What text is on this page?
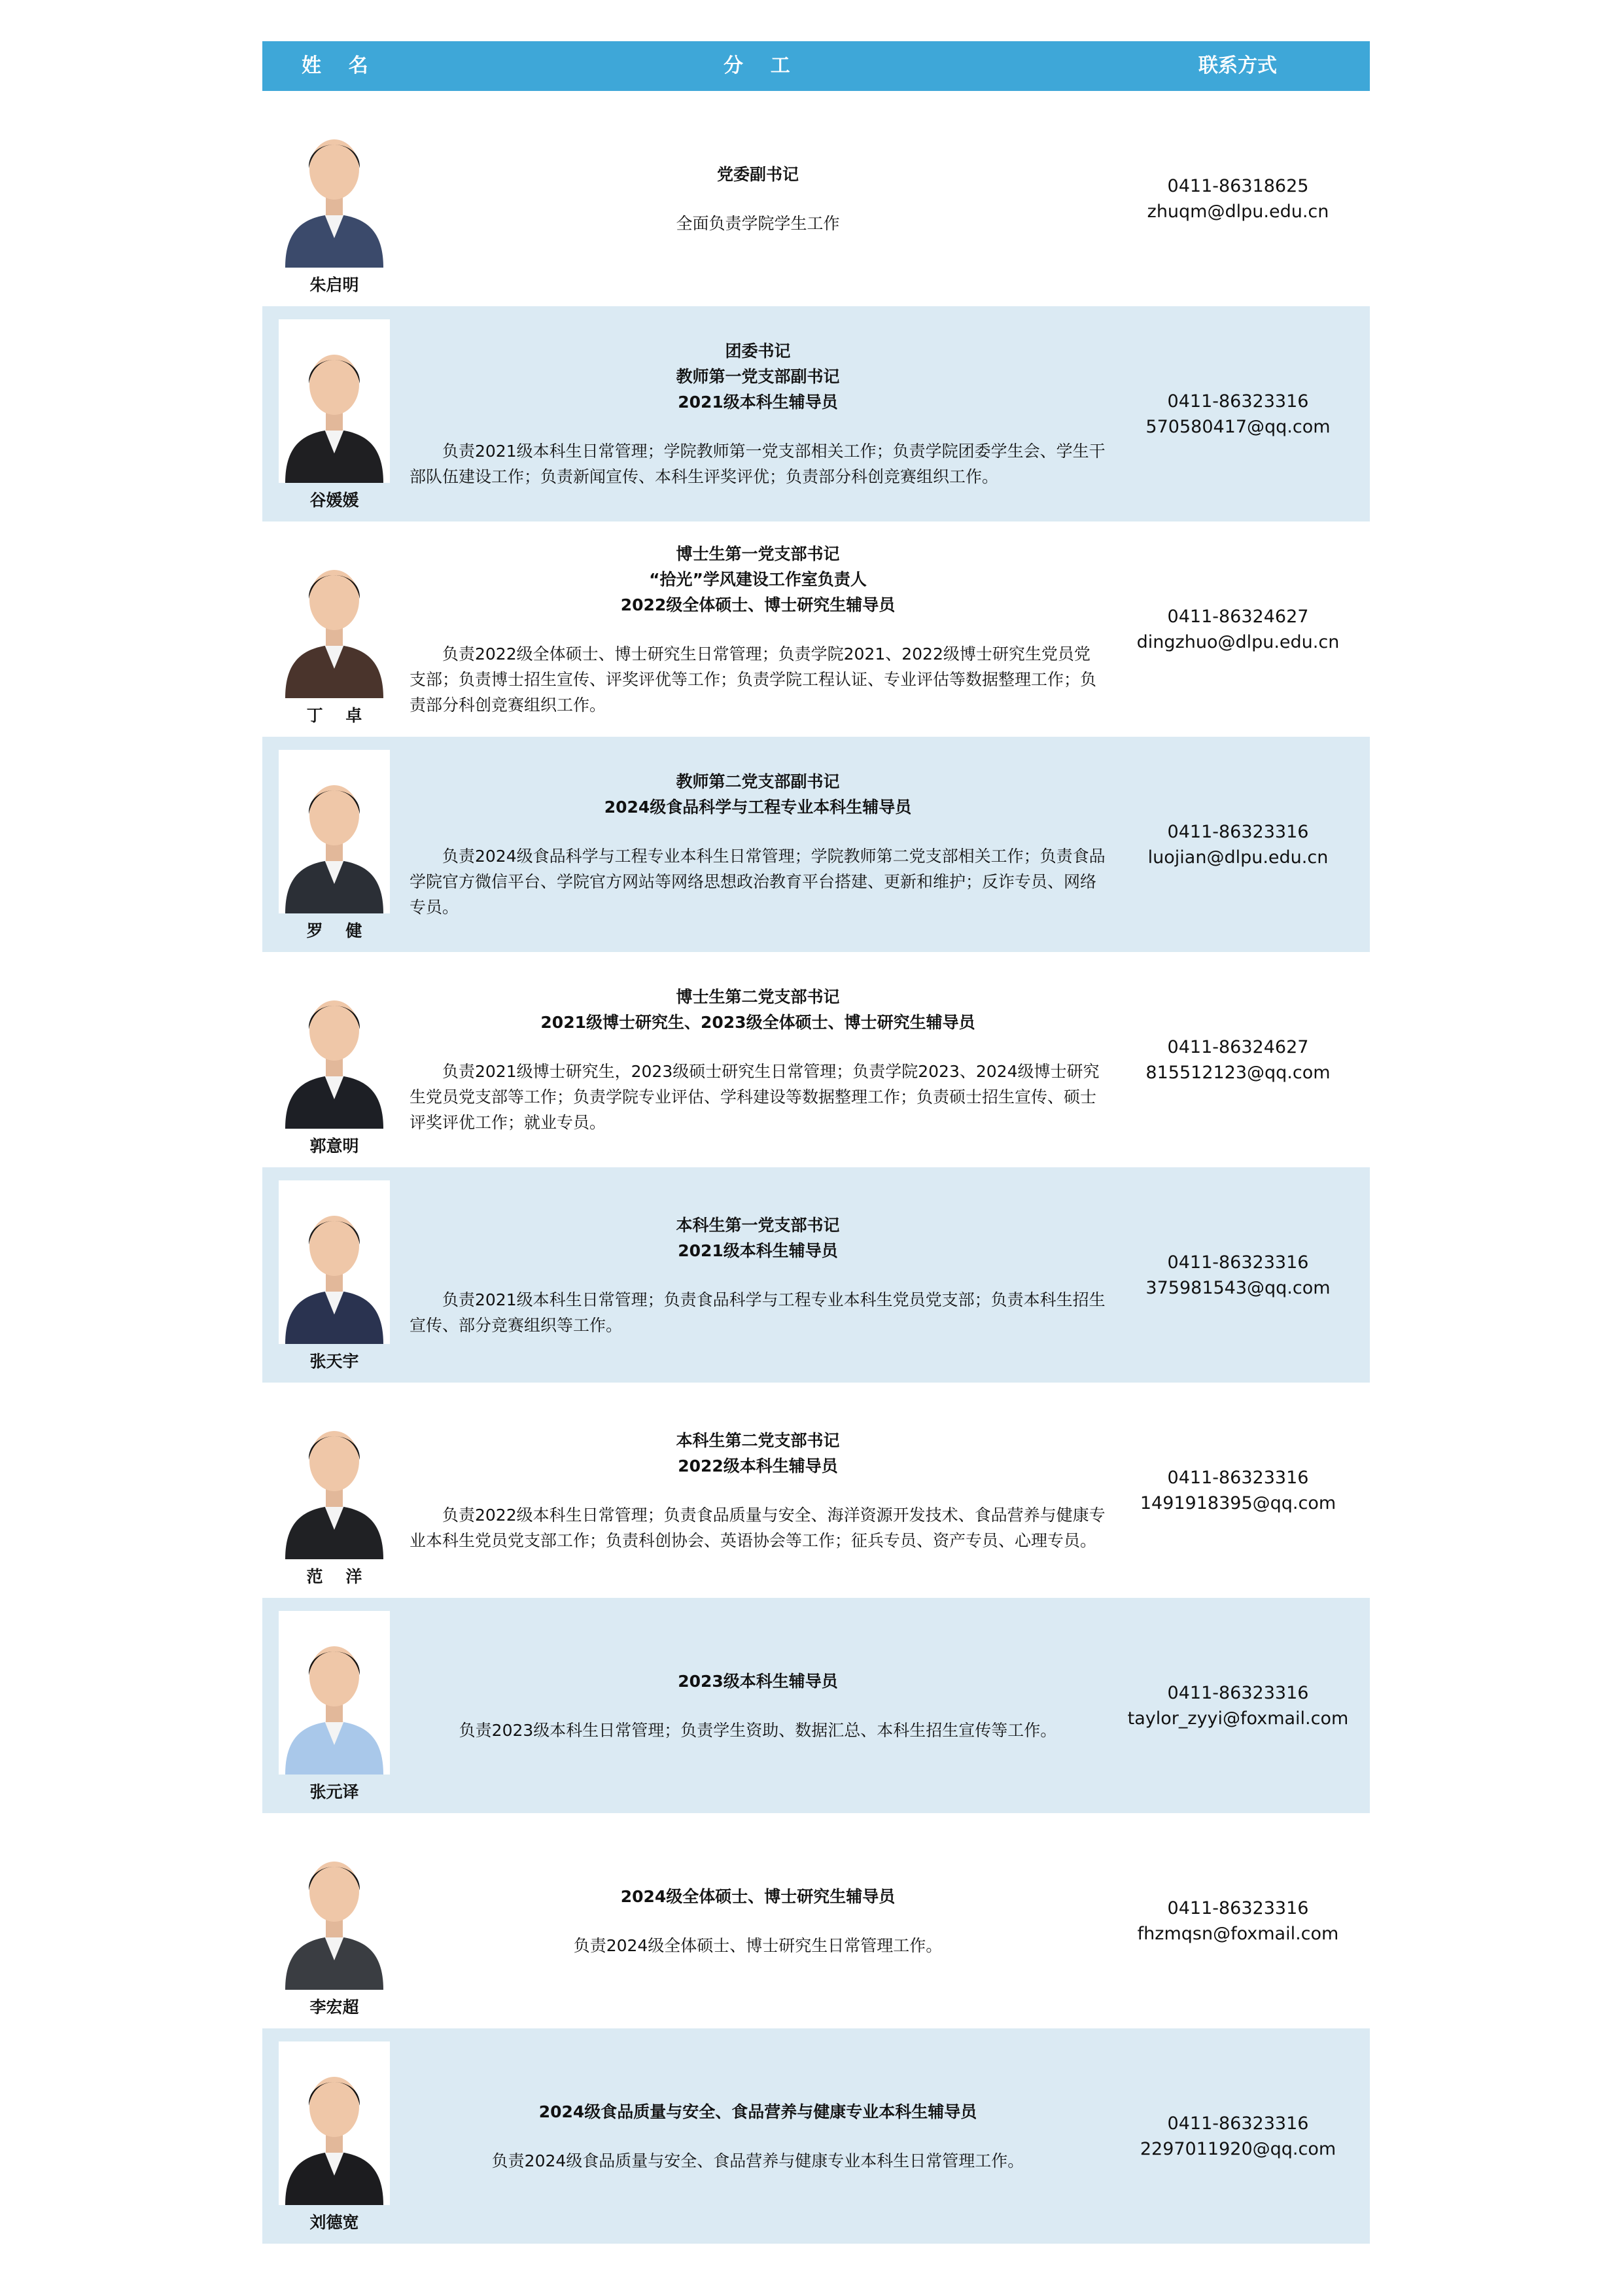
姓    名	分    工	联系方式
朱启明
党委副书记
全面负责学院学生工作
0411-86318625
zhuqm@dlpu.edu.cn
谷媛媛
团委书记
教师第一党支部副书记
2021级本科生辅导员
负责2021级本科生日常管理；学院教师第一党支部相关工作；负责学院团委学生会、学生干部队伍建设工作；负责新闻宣传、本科生评奖评优；负责部分科创竞赛组织工作。
0411-86323316
570580417@qq.com
丁    卓
博士生第一党支部书记
“拾光”学风建设工作室负责人
2022级全体硕士、博士研究生辅导员
负责2022级全体硕士、博士研究生日常管理；负责学院2021、2022级博士研究生党员党支部；负责博士招生宣传、评奖评优等工作；负责学院工程认证、专业评估等数据整理工作；负责部分科创竞赛组织工作。
0411-86324627
dingzhuo@dlpu.edu.cn
罗    健
教师第二党支部副书记
2024级食品科学与工程专业本科生辅导员
负责2024级食品科学与工程专业本科生日常管理；学院教师第二党支部相关工作；负责食品学院官方微信平台、学院官方网站等网络思想政治教育平台搭建、更新和维护；反诈专员、网络专员。
0411-86323316
luojian@dlpu.edu.cn
郭意明
博士生第二党支部书记
2021级博士研究生、2023级全体硕士、博士研究生辅导员
负责2021级博士研究生，2023级硕士研究生日常管理；负责学院2023、2024级博士研究生党员党支部等工作；负责学院专业评估、学科建设等数据整理工作；负责硕士招生宣传、硕士评奖评优工作；就业专员。
0411-86324627
815512123@qq.com
张天宇
本科生第一党支部书记
2021级本科生辅导员
负责2021级本科生日常管理；负责食品科学与工程专业本科生党员党支部；负责本科生招生宣传、部分竞赛组织等工作。
0411-86323316
375981543@qq.com
范    洋
本科生第二党支部书记
2022级本科生辅导员
负责2022级本科生日常管理；负责食品质量与安全、海洋资源开发技术、食品营养与健康专业本科生党员党支部工作；负责科创协会、英语协会等工作；征兵专员、资产专员、心理专员。
0411-86323316
1491918395@qq.com
张元译
2023级本科生辅导员
负责2023级本科生日常管理；负责学生资助、数据汇总、本科生招生宣传等工作。
0411-86323316
taylor_zyyi@foxmail.com
李宏超
2024级全体硕士、博士研究生辅导员
负责2024级全体硕士、博士研究生日常管理工作。
0411-86323316
fhzmqsn@foxmail.com
刘德宽
2024级食品质量与安全、食品营养与健康专业本科生辅导员
负责2024级食品质量与安全、食品营养与健康专业本科生日常管理工作。
0411-86323316
2297011920@qq.com
